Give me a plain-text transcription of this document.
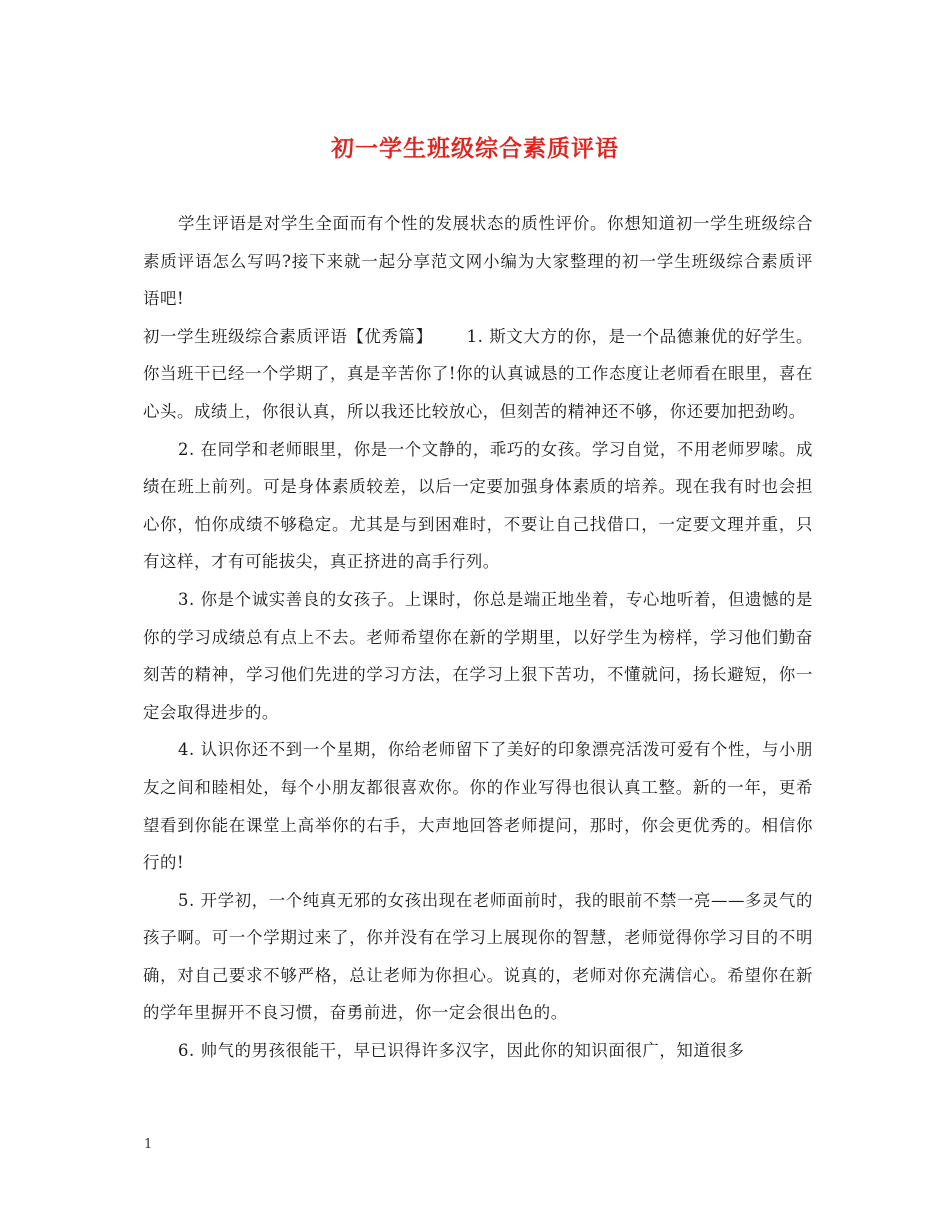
初一学生班级综合素质评语

学生评语是对学生全面而有个性的发展状态的质性评价。你想知道初一学生班级综合素质评语怎么写吗?接下来就一起分享范文网小编为大家整理的初一学生班级综合素质评语吧!

初一学生班级综合素质评语【优秀篇】 1. 斯文大方的你，是一个品德兼优的好学生。你当班干已经一个学期了，真是辛苦你了!你的认真诚恳的工作态度让老师看在眼里，喜在心头。成绩上，你很认真，所以我还比较放心，但刻苦的精神还不够，你还要加把劲哟。

2. 在同学和老师眼里，你是一个文静的，乖巧的女孩。学习自觉，不用老师罗嗦。成绩在班上前列。可是身体素质较差，以后一定要加强身体素质的培养。现在我有时也会担心你，怕你成绩不够稳定。尤其是与到困难时，不要让自己找借口，一定要文理并重，只有这样，才有可能拔尖，真正挤进的高手行列。

3. 你是个诚实善良的女孩子。上课时，你总是端正地坐着，专心地听着，但遗憾的是你的学习成绩总有点上不去。老师希望你在新的学期里，以好学生为榜样，学习他们勤奋刻苦的精神，学习他们先进的学习方法，在学习上狠下苦功，不懂就问，扬长避短，你一定会取得进步的。

4. 认识你还不到一个星期，你给老师留下了美好的印象漂亮活泼可爱有个性，与小朋友之间和睦相处，每个小朋友都很喜欢你。你的作业写得也很认真工整。新的一年，更希望看到你能在课堂上高举你的右手，大声地回答老师提问，那时，你会更优秀的。相信你行的!

5. 开学初，一个纯真无邪的女孩出现在老师面前时，我的眼前不禁一亮——多灵气的孩子啊。可一个学期过来了，你并没有在学习上展现你的智慧，老师觉得你学习目的不明确，对自己要求不够严格，总让老师为你担心。说真的，老师对你充满信心。希望你在新的学年里摒开不良习惯，奋勇前进，你一定会很出色的。

6. 帅气的男孩很能干，早已识得许多汉字，因此你的知识面很广，知道很多

1
